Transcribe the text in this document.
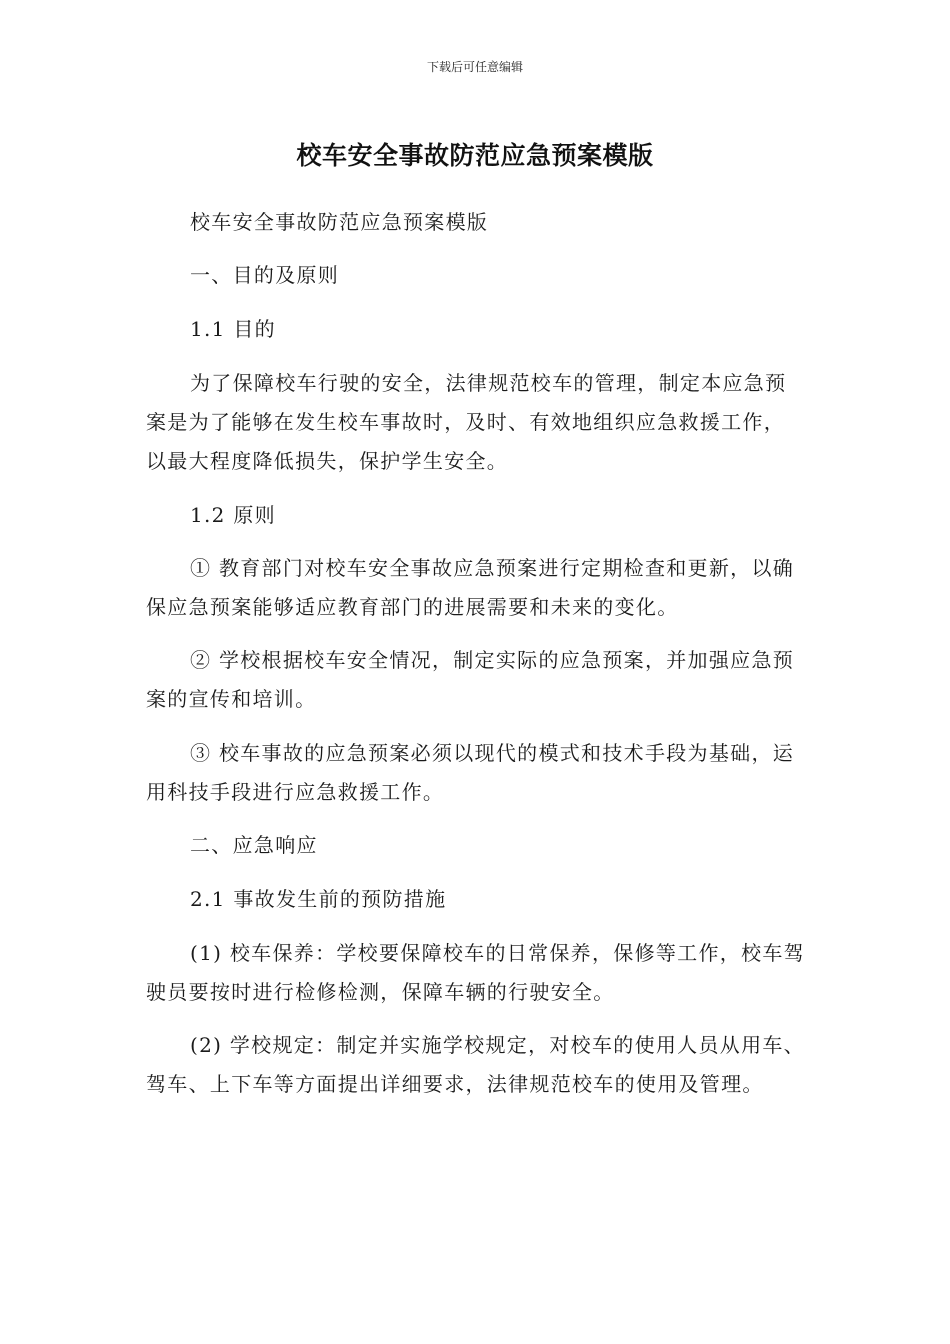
下载后可任意编辑
校车安全事故防范应急预案模版

校车安全事故防范应急预案模版

一、目的及原则

1.1 目的

为了保障校车行驶的安全，法律规范校车的管理，制定本应急预案是为了能够在发生校车事故时，及时、有效地组织应急救援工作，以最大程度降低损失，保护学生安全。

1.2 原则

① 教育部门对校车安全事故应急预案进行定期检查和更新，以确保应急预案能够适应教育部门的进展需要和未来的变化。

② 学校根据校车安全情况，制定实际的应急预案，并加强应急预案的宣传和培训。

③ 校车事故的应急预案必须以现代的模式和技术手段为基础，运用科技手段进行应急救援工作。

二、应急响应

2.1 事故发生前的预防措施

(1) 校车保养：学校要保障校车的日常保养，保修等工作，校车驾驶员要按时进行检修检测，保障车辆的行驶安全。

(2) 学校规定：制定并实施学校规定，对校车的使用人员从用车、驾车、上下车等方面提出详细要求，法律规范校车的使用及管理。
